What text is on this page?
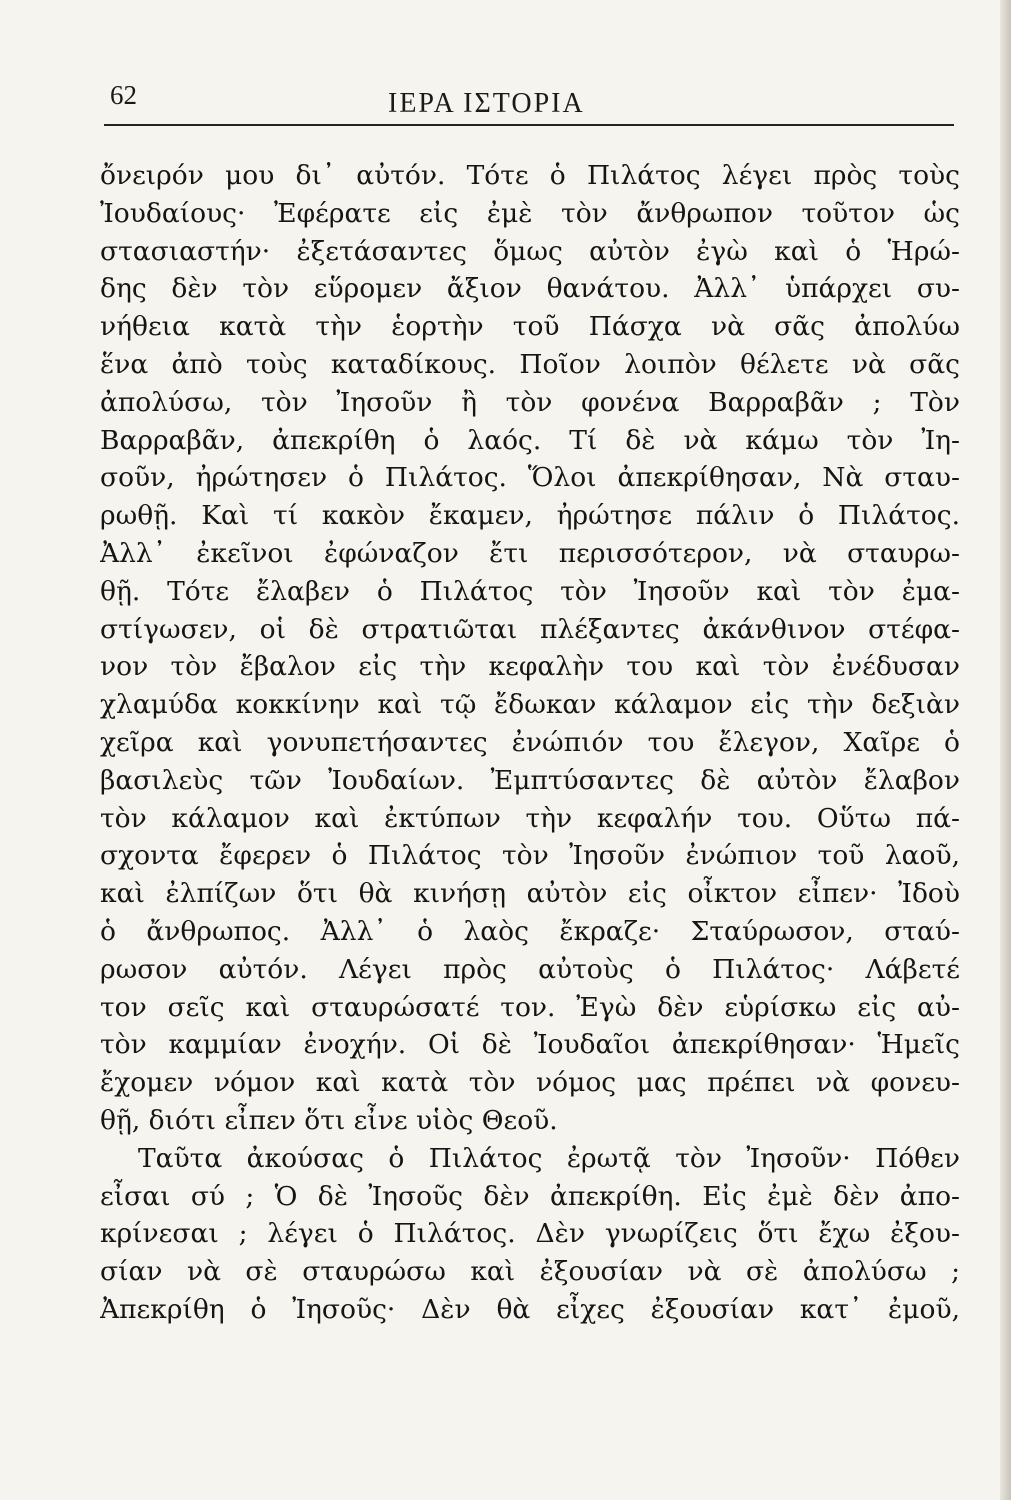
62	ΙΕΡΑ ΙΣΤΟΡΙΑ
ὄνειρόν μου δι᾽ αὐτόν. Τότε ὁ Πιλάτος λέγει πρὸς τοὺς
Ἰουδαίους· Ἐφέρατε εἰς ἐμὲ τὸν ἄνθρωπον τοῦτον ὡς
στασιαστήν· ἐξετάσαντες ὅμως αὐτὸν ἐγὼ καὶ ὁ Ἡρώ-
δης δὲν τὸν εὕρομεν ἄξιον θανάτου. Ἀλλ᾽ ὑπάρχει συ-
νήθεια κατὰ τὴν ἑορτὴν τοῦ Πάσχα νὰ σᾶς ἀπολύω
ἕνα ἀπὸ τοὺς καταδίκους. Ποῖον λοιπὸν θέλετε νὰ σᾶς
ἀπολύσω, τὸν Ἰησοῦν ἢ τὸν φονένα Βαρραβᾶν ; Τὸν
Βαρραβᾶν, ἀπεκρίθη ὁ λαός. Τί δὲ νὰ κάμω τὸν Ἰη-
σοῦν, ἠρώτησεν ὁ Πιλάτος. Ὅλοι ἀπεκρίθησαν, Νὰ σταυ-
ρωθῇ. Καὶ τί κακὸν ἔκαμεν, ἠρώτησε πάλιν ὁ Πιλάτος.
Ἀλλ᾽ ἐκεῖνοι ἐφώναζον ἔτι περισσότερον, νὰ σταυρω-
θῇ. Τότε ἔλαβεν ὁ Πιλάτος τὸν Ἰησοῦν καὶ τὸν ἐμα-
στίγωσεν, οἱ δὲ στρατιῶται πλέξαντες ἀκάνθινον στέφα-
νον τὸν ἔβαλον εἰς τὴν κεφαλὴν του καὶ τὸν ἐνέδυσαν
χλαμύδα κοκκίνην καὶ τῷ ἔδωκαν κάλαμον εἰς τὴν δεξιὰν
χεῖρα καὶ γονυπετήσαντες ἐνώπιόν του ἔλεγον, Χαῖρε ὁ
βασιλεὺς τῶν Ἰουδαίων. Ἐμπτύσαντες δὲ αὐτὸν ἔλαβον
τὸν κάλαμον καὶ ἐκτύπων τὴν κεφαλήν του. Οὕτω πά-
σχοντα ἔφερεν ὁ Πιλάτος τὸν Ἰησοῦν ἐνώπιον τοῦ λαοῦ,
καὶ ἐλπίζων ὅτι θὰ κινήσῃ αὐτὸν εἰς οἶκτον εἶπεν· Ἰδοὺ
ὁ ἄνθρωπος. Ἀλλ᾽ ὁ λαὸς ἔκραζε· Σταύρωσον, σταύ-
ρωσον αὐτόν. Λέγει πρὸς αὐτοὺς ὁ Πιλάτος· Λάβετέ
τον σεῖς καὶ σταυρώσατέ τον. Ἐγὼ δὲν εὑρίσκω εἰς αὐ-
τὸν καμμίαν ἐνοχήν. Οἱ δὲ Ἰουδαῖοι ἀπεκρίθησαν· Ἡμεῖς
ἔχομεν νόμον καὶ κατὰ τὸν νόμος μας πρέπει νὰ φονευ-
θῇ, διότι εἶπεν ὅτι εἶνε υἱὸς Θεοῦ.
Ταῦτα ἀκούσας ὁ Πιλάτος ἐρωτᾷ τὸν Ἰησοῦν· Πόθεν
εἶσαι σύ ; Ὁ δὲ Ἰησοῦς δὲν ἀπεκρίθη. Εἰς ἐμὲ δὲν ἀπο-
κρίνεσαι ; λέγει ὁ Πιλάτος. Δὲν γνωρίζεις ὅτι ἔχω ἐξου-
σίαν νὰ σὲ σταυρώσω καὶ ἐξουσίαν νὰ σὲ ἀπολύσω ;
Ἀπεκρίθη ὁ Ἰησοῦς· Δὲν θὰ εἶχες ἐξουσίαν κατ᾽ ἐμοῦ,
